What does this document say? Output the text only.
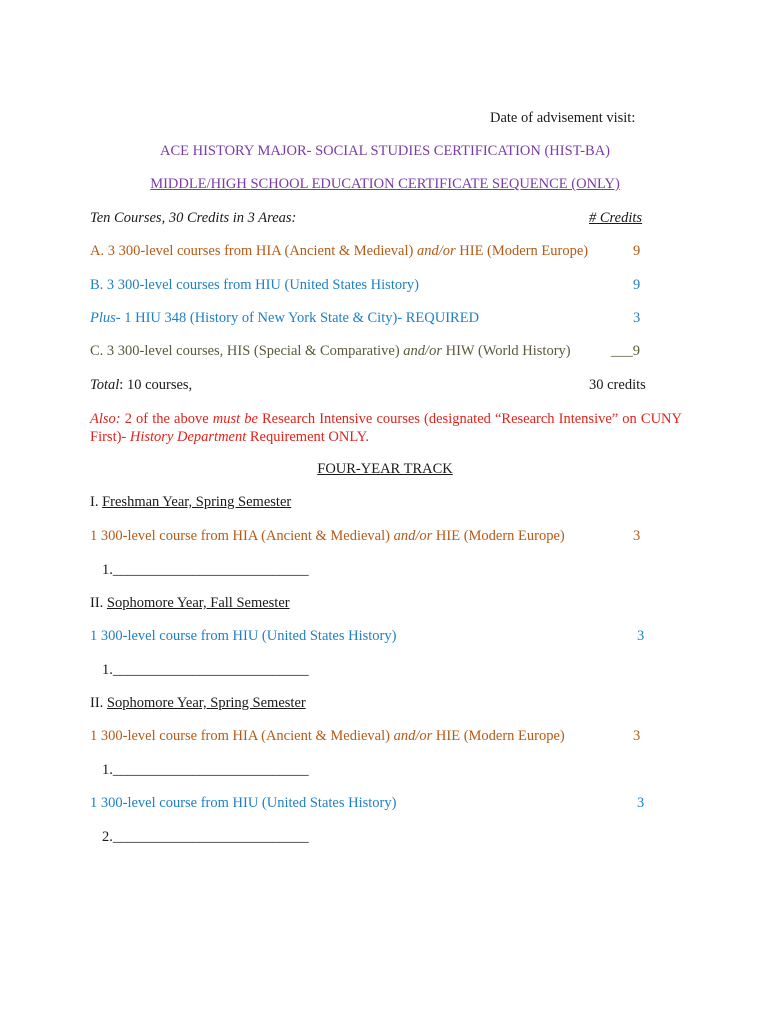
Date of advisement visit:
ACE HISTORY MAJOR- SOCIAL STUDIES CERTIFICATION (HIST-BA)
MIDDLE/HIGH SCHOOL EDUCATION CERTIFICATE SEQUENCE (ONLY)
Ten Courses, 30 Credits in 3 Areas:	# Credits
A. 3 300-level courses from HIA (Ancient & Medieval) and/or HIE (Modern Europe)	9
B. 3 300-level courses from HIU (United States History)	9
Plus- 1 HIU 348 (History of New York State & City)- REQUIRED	3
C. 3 300-level courses, HIS (Special & Comparative) and/or HIW (World History)	___9
Total: 10 courses,	30 credits
Also: 2 of the above must be Research Intensive courses (designated “Research Intensive” on CUNY First)- History Department Requirement ONLY.
FOUR-YEAR TRACK
I. Freshman Year, Spring Semester
1 300-level course from HIA (Ancient & Medieval) and/or HIE (Modern Europe)	3
1.___________________________
II. Sophomore Year, Fall Semester
1 300-level course from HIU (United States History)	3
1.___________________________
II. Sophomore Year, Spring Semester
1 300-level course from HIA (Ancient & Medieval) and/or HIE (Modern Europe)	3
1.___________________________
1 300-level course from HIU (United States History)	3
2.___________________________
